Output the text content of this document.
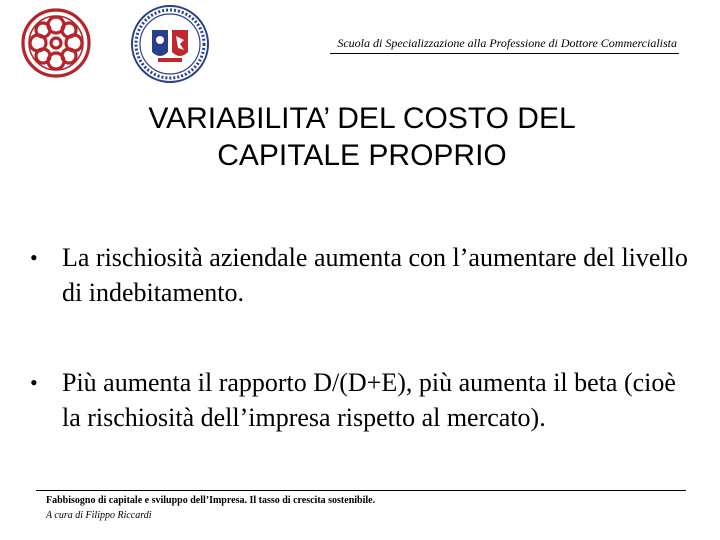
Scuola di Specializzazione alla Professione di Dottore Commercialista
VARIABILITA’ DEL COSTO DEL
CAPITALE PROPRIO
• La rischiosità aziendale aumenta con l’aumentare del livello di indebitamento.
• Più aumenta il rapporto D/(D+E), più aumenta il beta (cioè la rischiosità dell’impresa rispetto al mercato).
Fabbisogno di capitale e sviluppo dell’Impresa. Il tasso di crescita sostenibile.
A cura di Filippo Riccardi
